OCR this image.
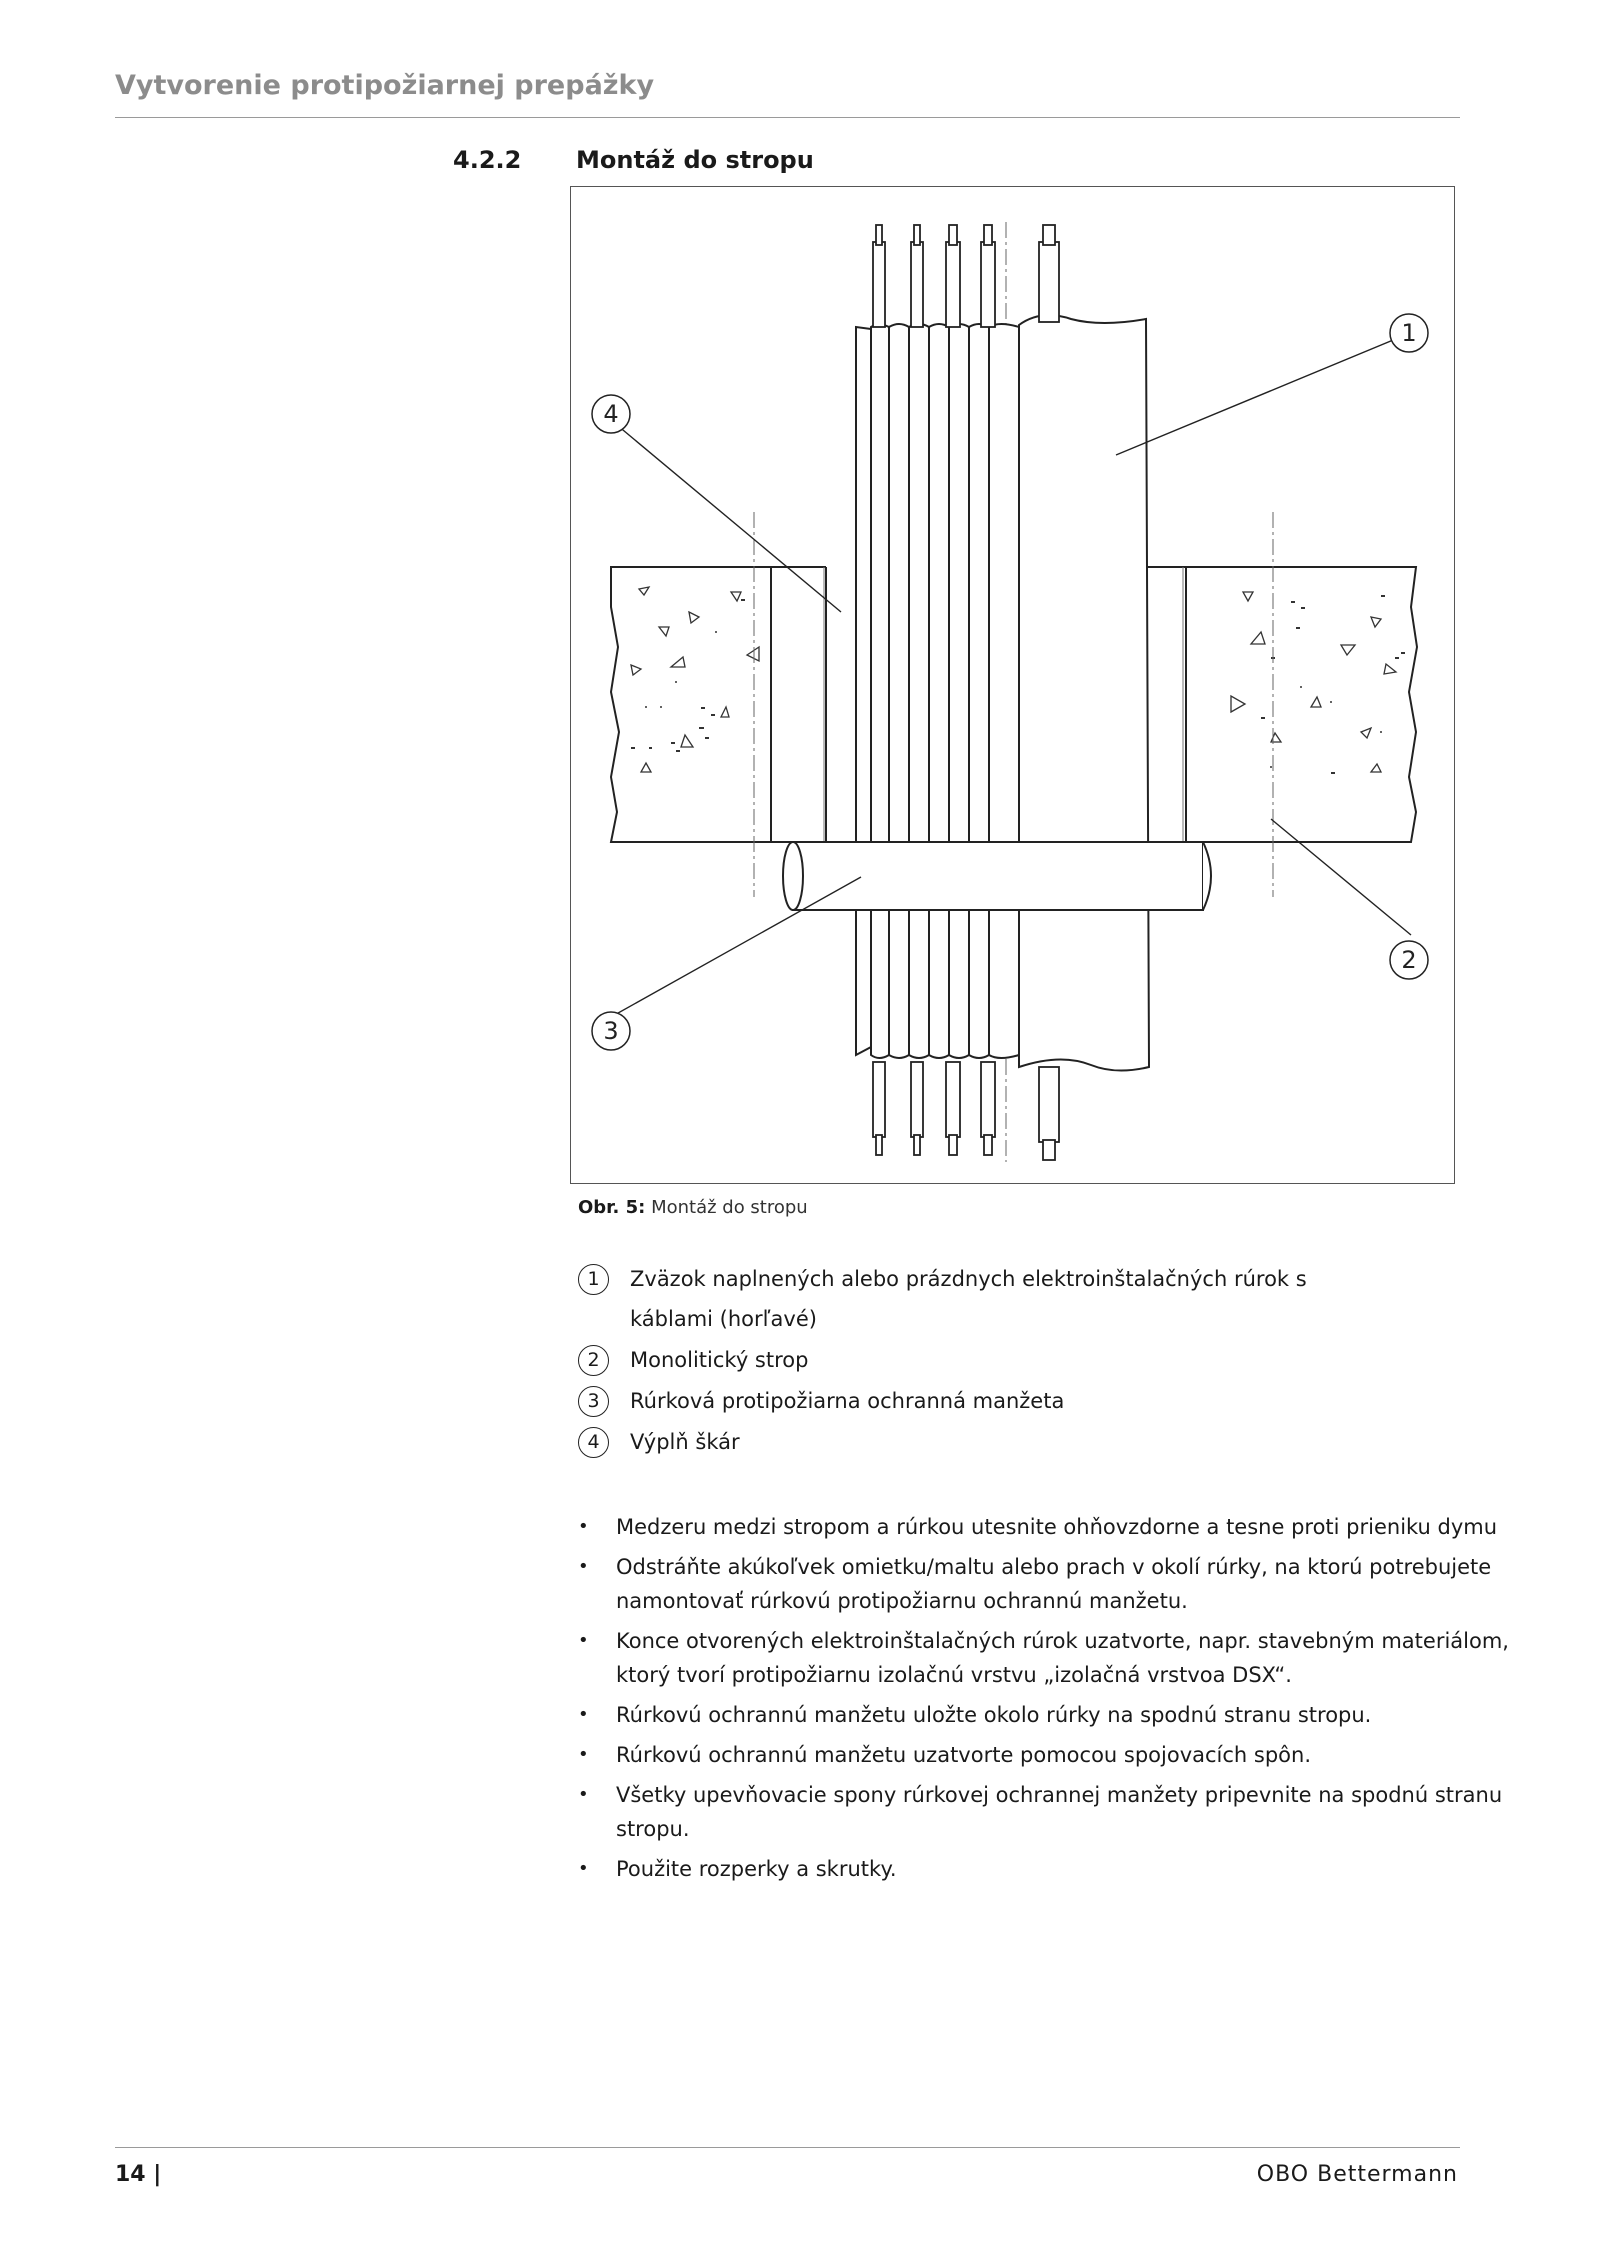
Vytvorenie protipožiarnej prepážky
4.2.2 Montáž do stropu
1
4
2
3
Obr. 5: Montáž do stropu
1	Zväzok naplnených alebo prázdnych elektroinštalačných rúrok s káblami (horľavé)
2	Monolitický strop
3	Rúrková protipožiarna ochranná manžeta
4	Výplň škár
• Medzeru medzi stropom a rúrkou utesnite ohňovzdorne a tesne proti prieniku dymu
• Odstráňte akúkoľvek omietku/maltu alebo prach v okolí rúrky, na ktorú potrebujete namontovať rúrkovú protipožiarnu ochrannú manžetu.
• Konce otvorených elektroinštalačných rúrok uzatvorte, napr. stavebným materiálom, ktorý tvorí protipožiarnu izolačnú vrstvu „izolačná vrstvoa DSX“.
• Rúrkovú ochrannú manžetu uložte okolo rúrky na spodnú stranu stropu.
• Rúrkovú ochrannú manžetu uzatvorte pomocou spojovacích spôn.
• Všetky upevňovacie spony rúrkovej ochrannej manžety pripevnite na spodnú stranu stropu.
• Použite rozperky a skrutky.
14 |	OBO Bettermann
